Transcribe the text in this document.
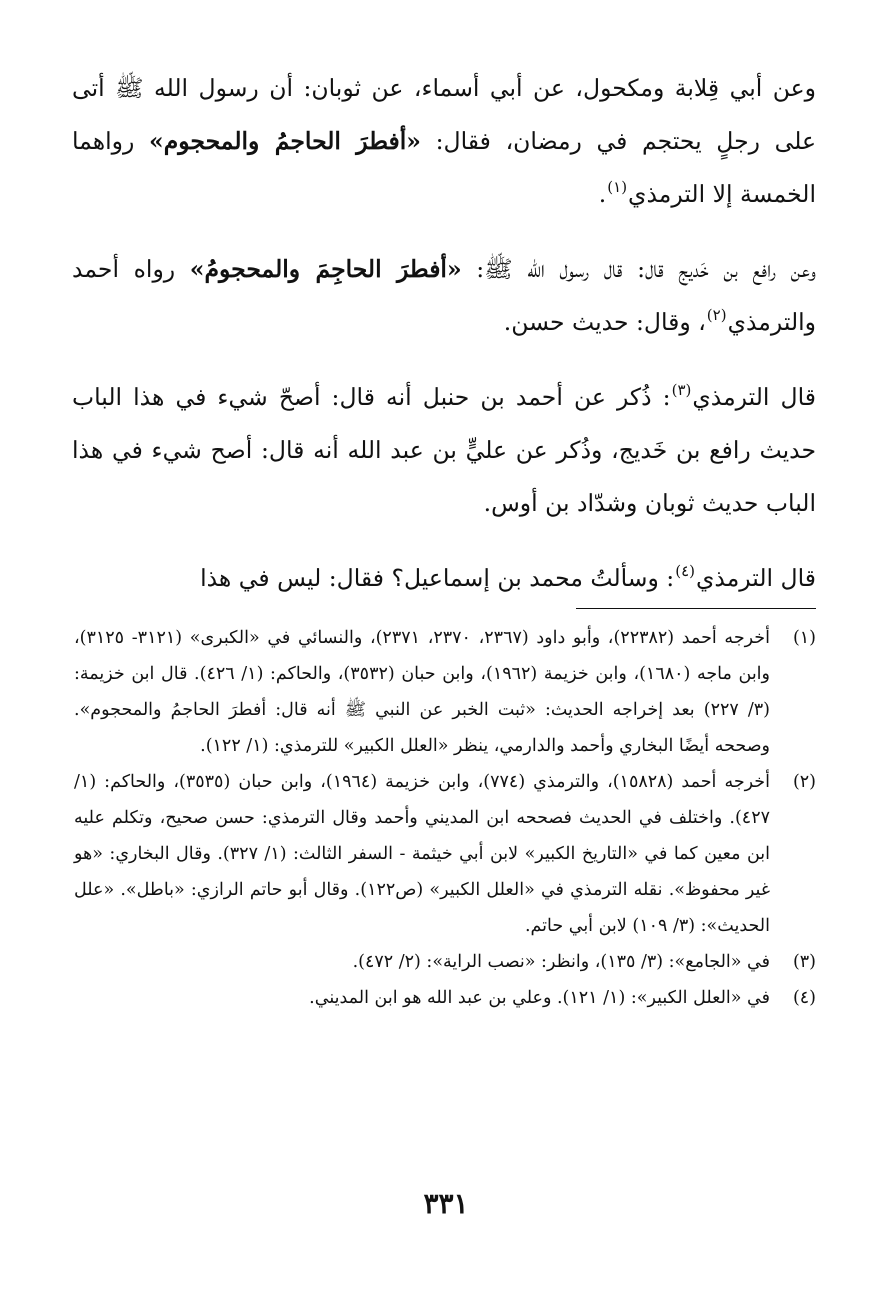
وعن أبي قِلابة ومكحول، عن أبي أسماء، عن ثوبان: أن رسول الله ﷺ أتى على رجلٍ يحتجم في رمضان، فقال: «أفطرَ الحاجمُ والمحجوم» رواهما الخمسة إلا الترمذي$^{(١)}$.

وعن رافع بن خَديج قال: قال رسول الله ﷺ: «أفطرَ الحاجِمَ والمحجومُ» رواه أحمد والترمذي$^{(٢)}$، وقال: حديث حسن.

قال الترمذي$^{(٣)}$: ذُكر عن أحمد بن حنبل أنه قال: أصحّ شيء في هذا الباب حديث رافع بن خَديج، وذُكر عن عليٍّ بن عبد الله أنه قال: أصح شيء في هذا الباب حديث ثوبان وشدّاد بن أوس.

قال الترمذي$^{(٤)}$: وسألتُ محمد بن إسماعيل؟ فقال: ليس في هذا

(١)
أخرجه أحمد (٢٢٣٨٢)، وأبو داود (٢٣٦٧، ٢٣٧٠، ٢٣٧١)، والنسائي في «الكبرى» (٣١٢١- ٣١٢٥)، وابن ماجه (١٦٨٠)، وابن خزيمة (١٩٦٢)، وابن حبان (٣٥٣٢)، والحاكم: (١/ ٤٢٦). قال ابن خزيمة: (٣/ ٢٢٧) بعد إخراجه الحديث: «ثبت الخبر عن النبي ﷺ أنه قال: أفطرَ الحاجمُ والمحجوم». وصححه أيضًا البخاري وأحمد والدارمي، ينظر «العلل الكبير» للترمذي: (١/ ١٢٢).
(٢)
أخرجه أحمد (١٥٨٢٨)، والترمذي (٧٧٤)، وابن خزيمة (١٩٦٤)، وابن حبان (٣٥٣٥)، والحاكم: (١/ ٤٢٧). واختلف في الحديث فصححه ابن المديني وأحمد وقال الترمذي: حسن صحيح، وتكلم عليه ابن معين كما في «التاريخ الكبير» لابن أبي خيثمة - السفر الثالث: (١/ ٣٢٧). وقال البخاري: «هو غير محفوظ». نقله الترمذي في «العلل الكبير» (ص١٢٢). وقال أبو حاتم الرازي: «باطل». «علل الحديث»: (٣/ ١٠٩) لابن أبي حاتم.
(٣)
في «الجامع»: (٣/ ١٣٥)، وانظر: «نصب الراية»: (٢/ ٤٧٢).
(٤)
في «العلل الكبير»: (١/ ١٢١). وعلي بن عبد الله هو ابن المديني.
٣٣١
